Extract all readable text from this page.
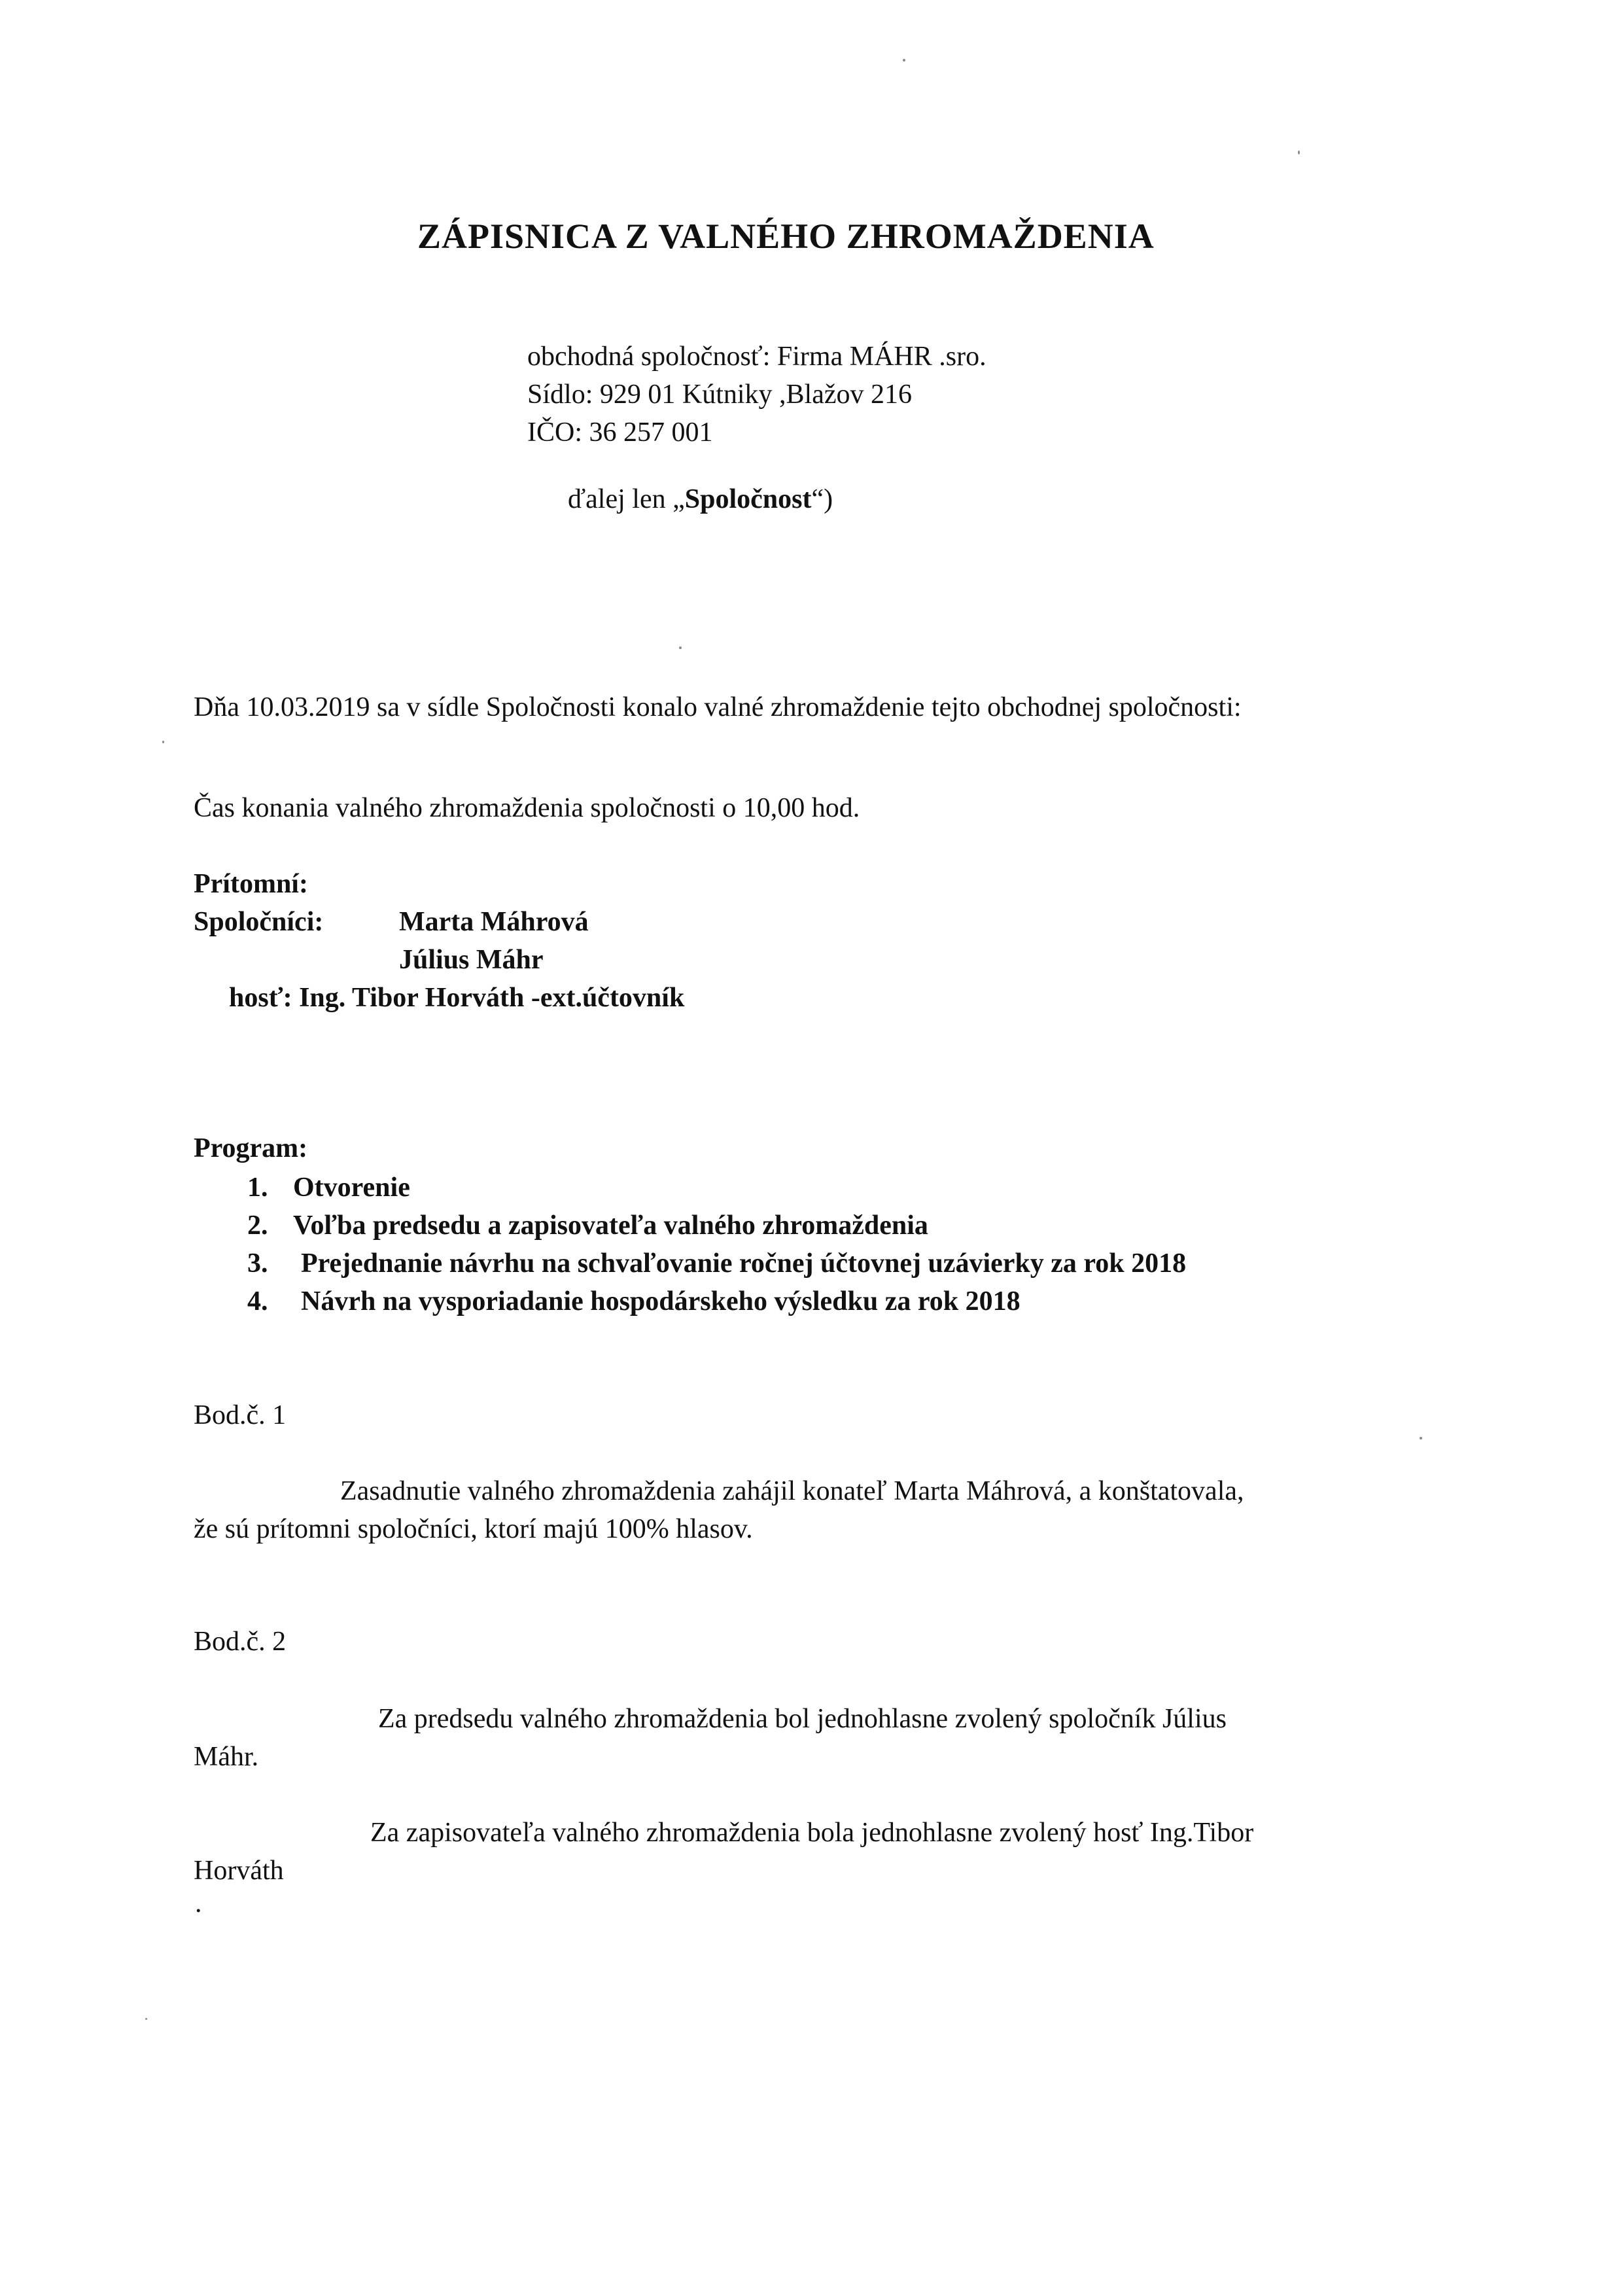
ZÁPISNICA Z VALNÉHO ZHROMAŽDENIA
obchodná spoločnosť: Firma MÁHR .sro.
Sídlo: 929 01 Kútniky ,Blažov 216
IČO: 36 257 001
ďalej len „Spoločnost“)
Dňa 10.03.2019 sa v sídle Spoločnosti konalo valné zhromaždenie tejto obchodnej spoločnosti:
Čas konania valného zhromaždenia spoločnosti o 10,00 hod.
Prítomní:
Spoločníci:	Marta Máhrová
Július Máhr
hosť: Ing. Tibor Horváth -ext.účtovník
Program:
1. Otvorenie
2. Voľba predsedu a zapisovateľa valného zhromaždenia
3. Prejednanie návrhu na schvaľovanie ročnej účtovnej uzávierky za rok 2018
4. Návrh na vysporiadanie hospodárskeho výsledku za rok 2018
Bod.č. 1
Zasadnutie valného zhromaždenia zahájil konateľ Marta Máhrová, a konštatovala,
že sú prítomni spoločníci, ktorí majú 100% hlasov.
Bod.č. 2
Za predsedu valného zhromaždenia bol jednohlasne zvolený spoločník Július
Máhr.
Za zapisovateľa valného zhromaždenia bola jednohlasne zvolený hosť Ing.Tibor
Horváth
.
